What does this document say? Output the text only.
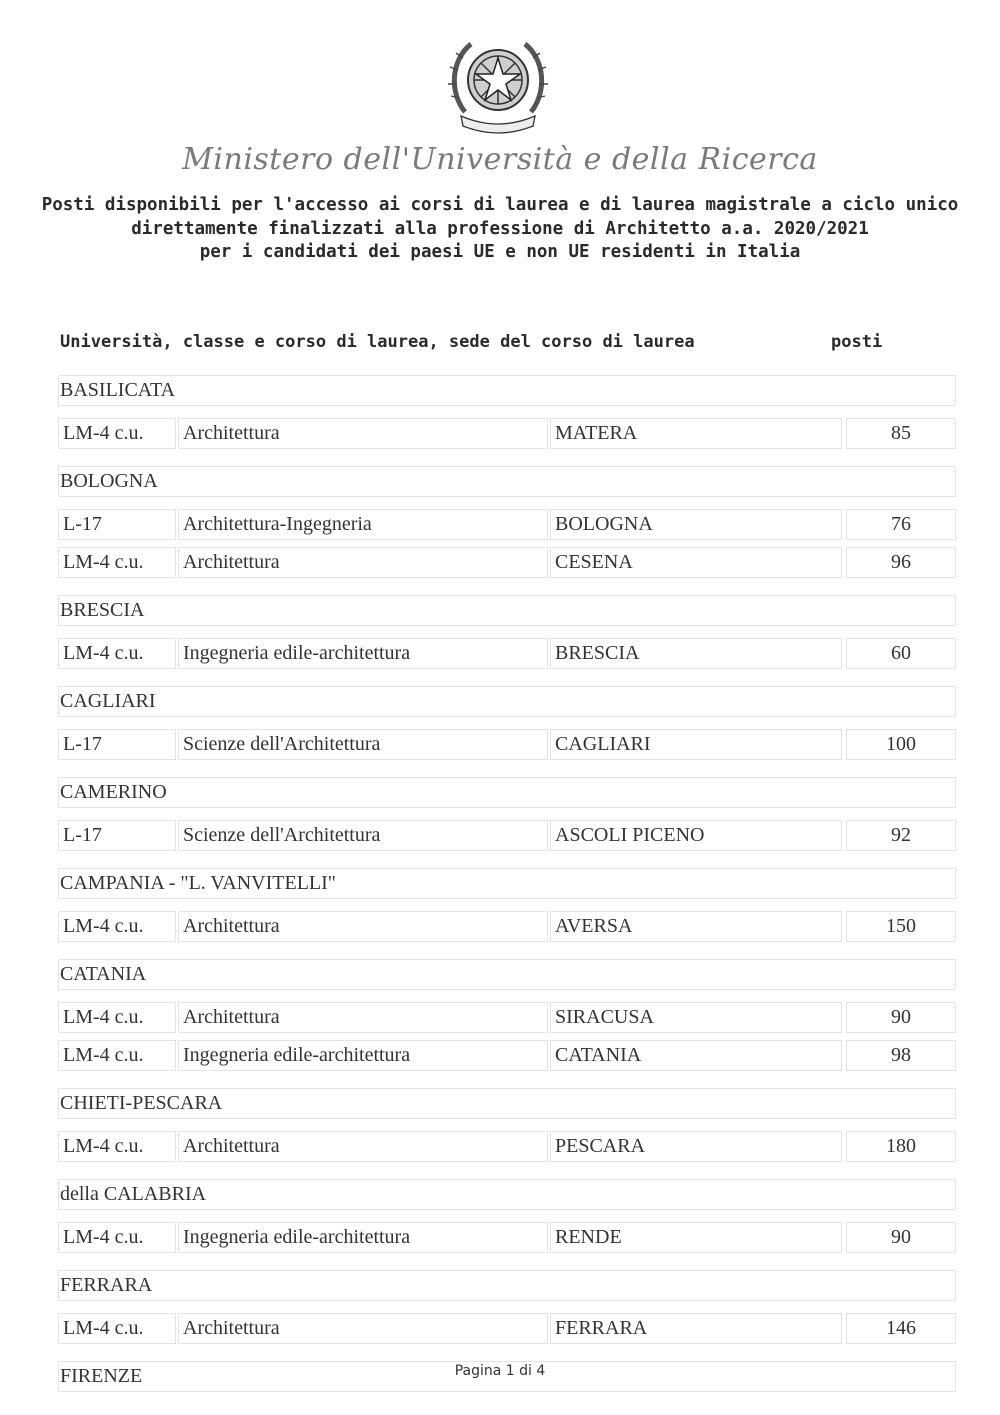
Ministero dell'Università e della Ricerca
Posti disponibili per l'accesso ai corsi di laurea e di laurea magistrale a ciclo unico
direttamente finalizzati alla professione di Architetto a.a. 2020/2021
per i candidati dei paesi UE e non UE residenti in Italia
Università, classe e corso di laurea, sede del corso di laurea	posti
BASILICATA
LM-4 c.u.	Architettura	MATERA	85
BOLOGNA
L-17	Architettura-Ingegneria	BOLOGNA	76
LM-4 c.u.	Architettura	CESENA	96
BRESCIA
LM-4 c.u.	Ingegneria edile-architettura	BRESCIA	60
CAGLIARI
L-17	Scienze dell'Architettura	CAGLIARI	100
CAMERINO
L-17	Scienze dell'Architettura	ASCOLI PICENO	92
CAMPANIA - "L. VANVITELLI"
LM-4 c.u.	Architettura	AVERSA	150
CATANIA
LM-4 c.u.	Architettura	SIRACUSA	90
LM-4 c.u.	Ingegneria edile-architettura	CATANIA	98
CHIETI-PESCARA
LM-4 c.u.	Architettura	PESCARA	180
della CALABRIA
LM-4 c.u.	Ingegneria edile-architettura	RENDE	90
FERRARA
LM-4 c.u.	Architettura	FERRARA	146
FIRENZE	Pagina 1 di 4
